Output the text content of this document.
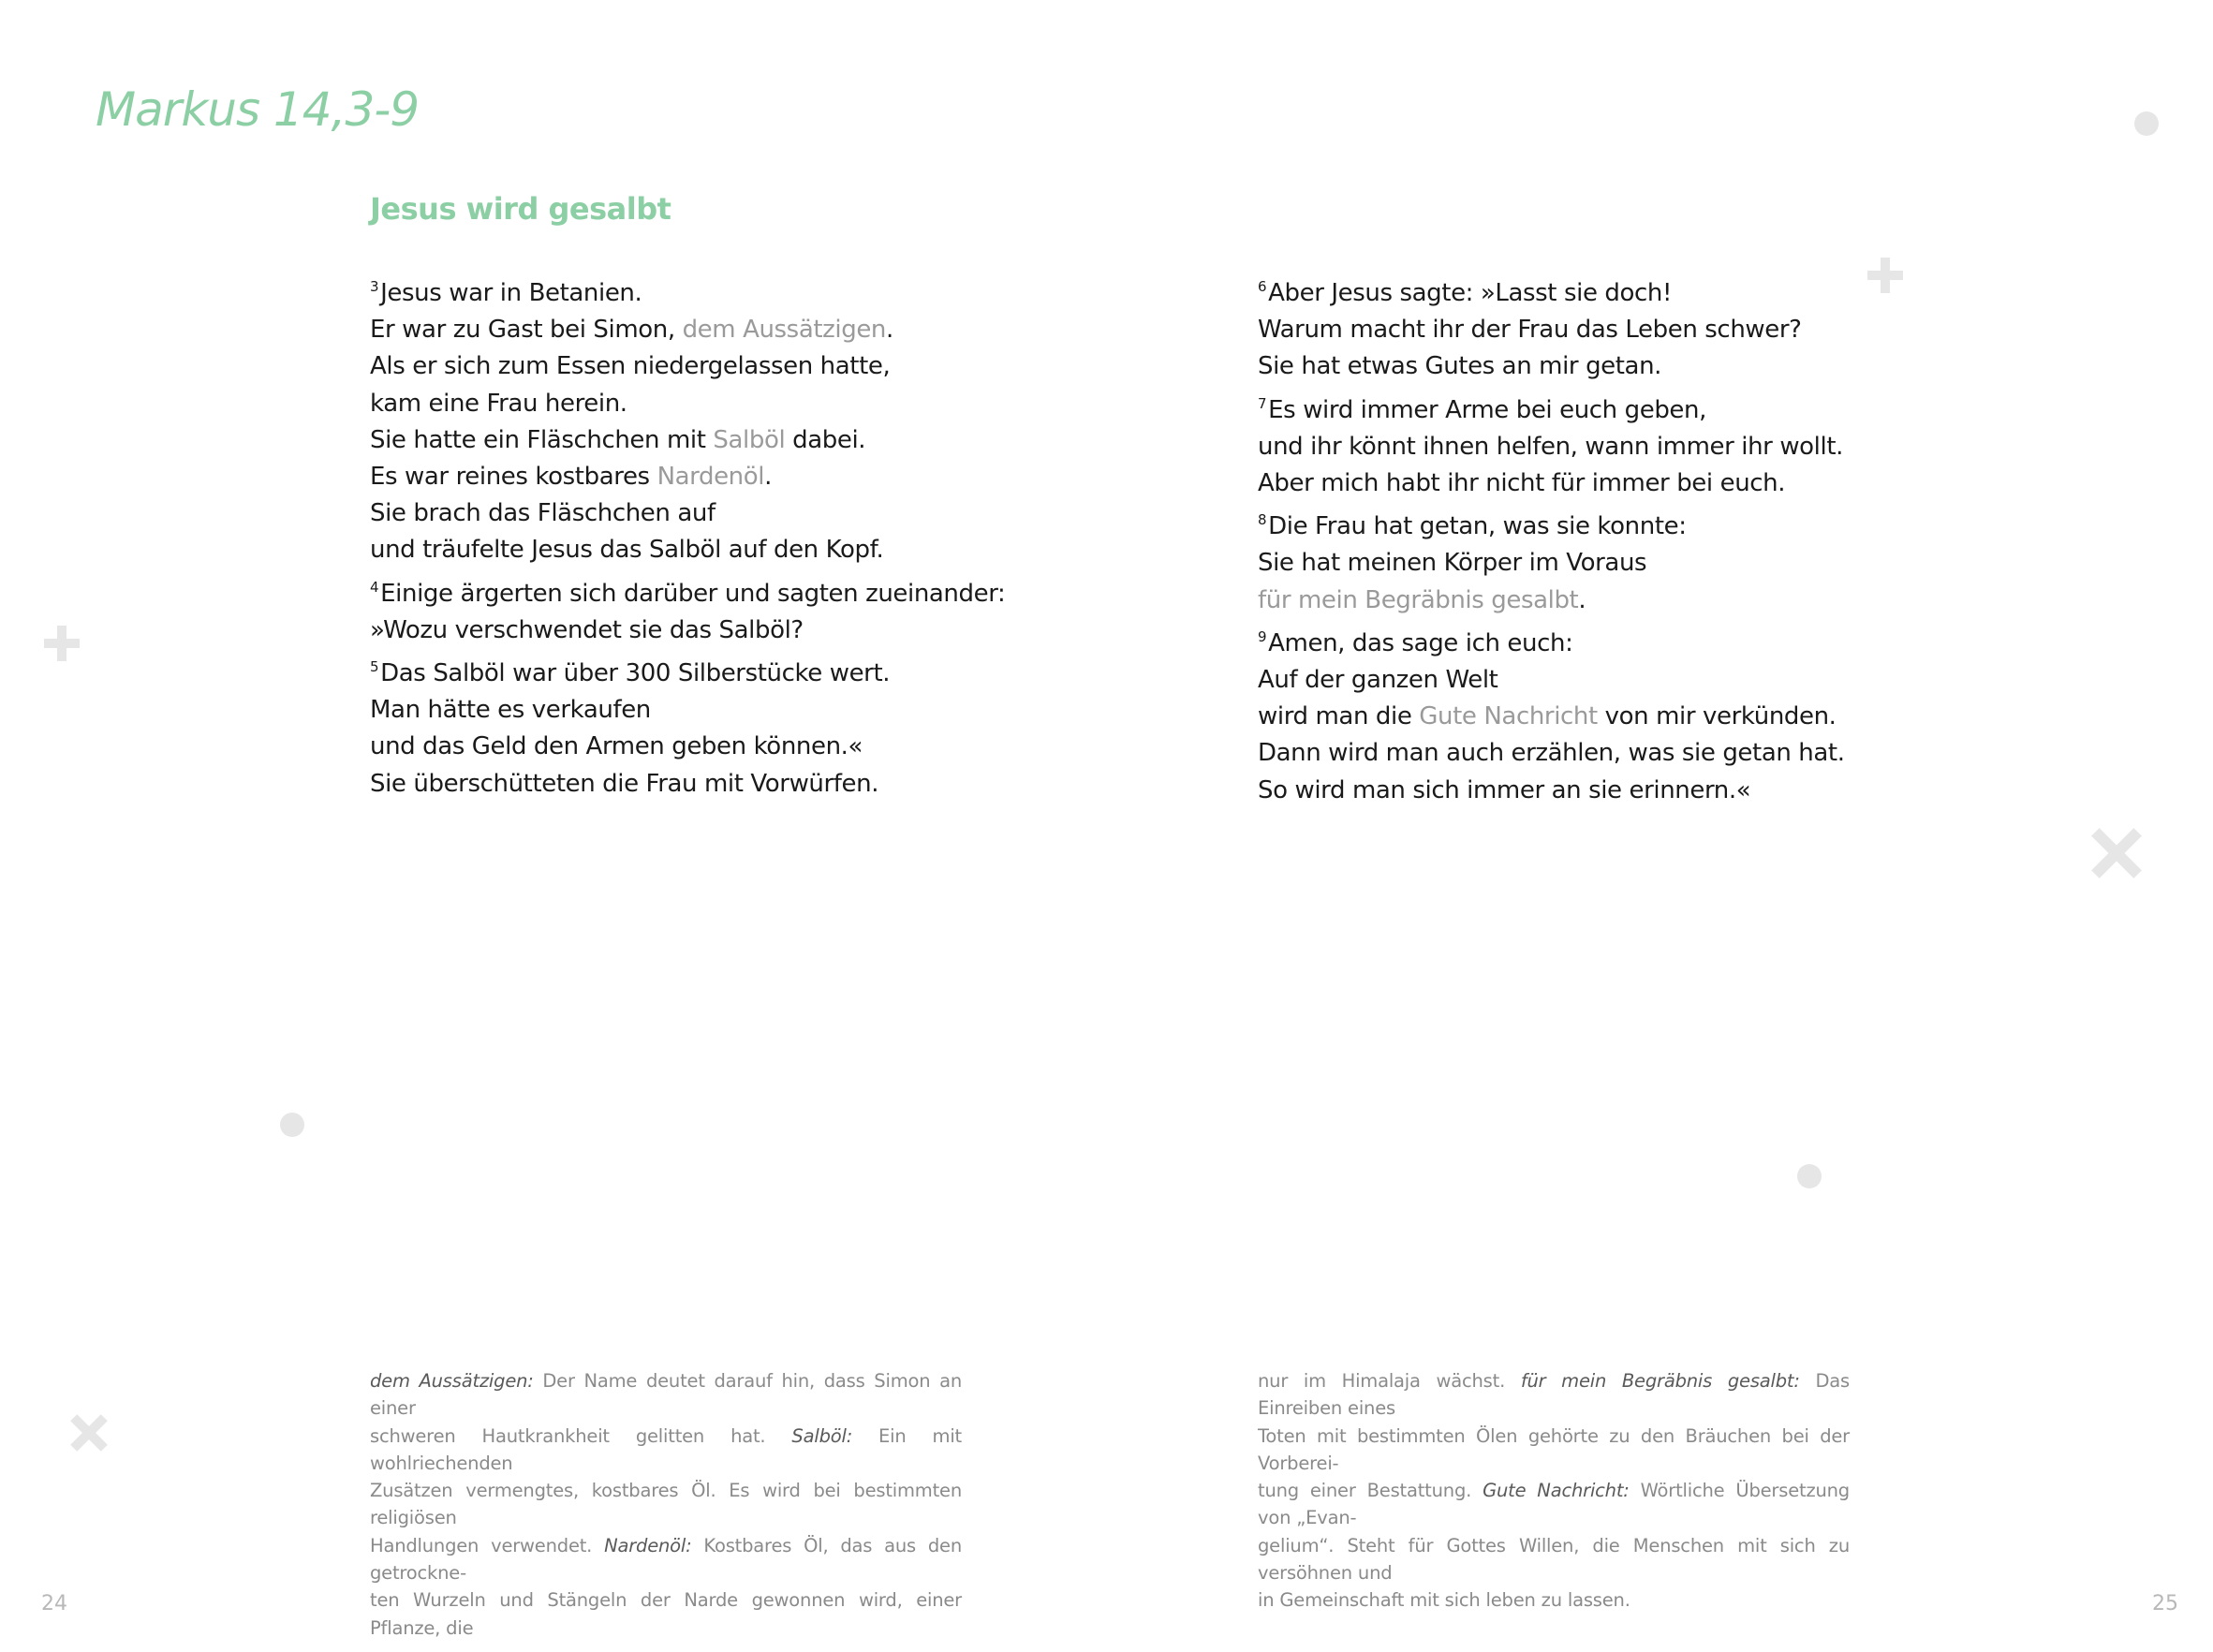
Markus 14,3-9
Jesus wird gesalbt
$^3$Jesus war in Betanien.
Er war zu Gast bei Simon, dem Aussätzigen.
Als er sich zum Essen niedergelassen hatte,
kam eine Frau herein.
Sie hatte ein Fläschchen mit Salböl dabei.
Es war reines kostbares Nardenöl.
Sie brach das Fläschchen auf
und träufelte Jesus das Salböl auf den Kopf.
$^4$Einige ärgerten sich darüber und sagten zueinander:
»Wozu verschwendet sie das Salböl?
$^5$Das Salböl war über 300 Silberstücke wert.
Man hätte es verkaufen
und das Geld den Armen geben können.«
Sie überschütteten die Frau mit Vorwürfen.
$^6$Aber Jesus sagte: »Lasst sie doch!
Warum macht ihr der Frau das Leben schwer?
Sie hat etwas Gutes an mir getan.
$^7$Es wird immer Arme bei euch geben,
und ihr könnt ihnen helfen, wann immer ihr wollt.
Aber mich habt ihr nicht für immer bei euch.
$^8$Die Frau hat getan, was sie konnte:
Sie hat meinen Körper im Voraus
für mein Begräbnis gesalbt.
$^9$Amen, das sage ich euch:
Auf der ganzen Welt
wird man die Gute Nachricht von mir verkünden.
Dann wird man auch erzählen, was sie getan hat.
So wird man sich immer an sie erinnern.«
dem Aussätzigen: Der Name deutet darauf hin, dass Simon an einer
schweren Hautkrankheit gelitten hat. Salböl: Ein mit wohlriechenden
Zusätzen vermengtes, kostbares Öl. Es wird bei bestimmten religiösen
Handlungen verwendet. Nardenöl: Kostbares Öl, das aus den getrockne-
ten Wurzeln und Stängeln der Narde gewonnen wird, einer Pflanze, die
nur im Himalaja wächst. für mein Begräbnis gesalbt: Das Einreiben eines
Toten mit bestimmten Ölen gehörte zu den Bräuchen bei der Vorberei-
tung einer Bestattung. Gute Nachricht: Wörtliche Übersetzung von „Evan-
gelium“. Steht für Gottes Willen, die Menschen mit sich zu versöhnen und
in Gemeinschaft mit sich leben zu lassen.
24	25
